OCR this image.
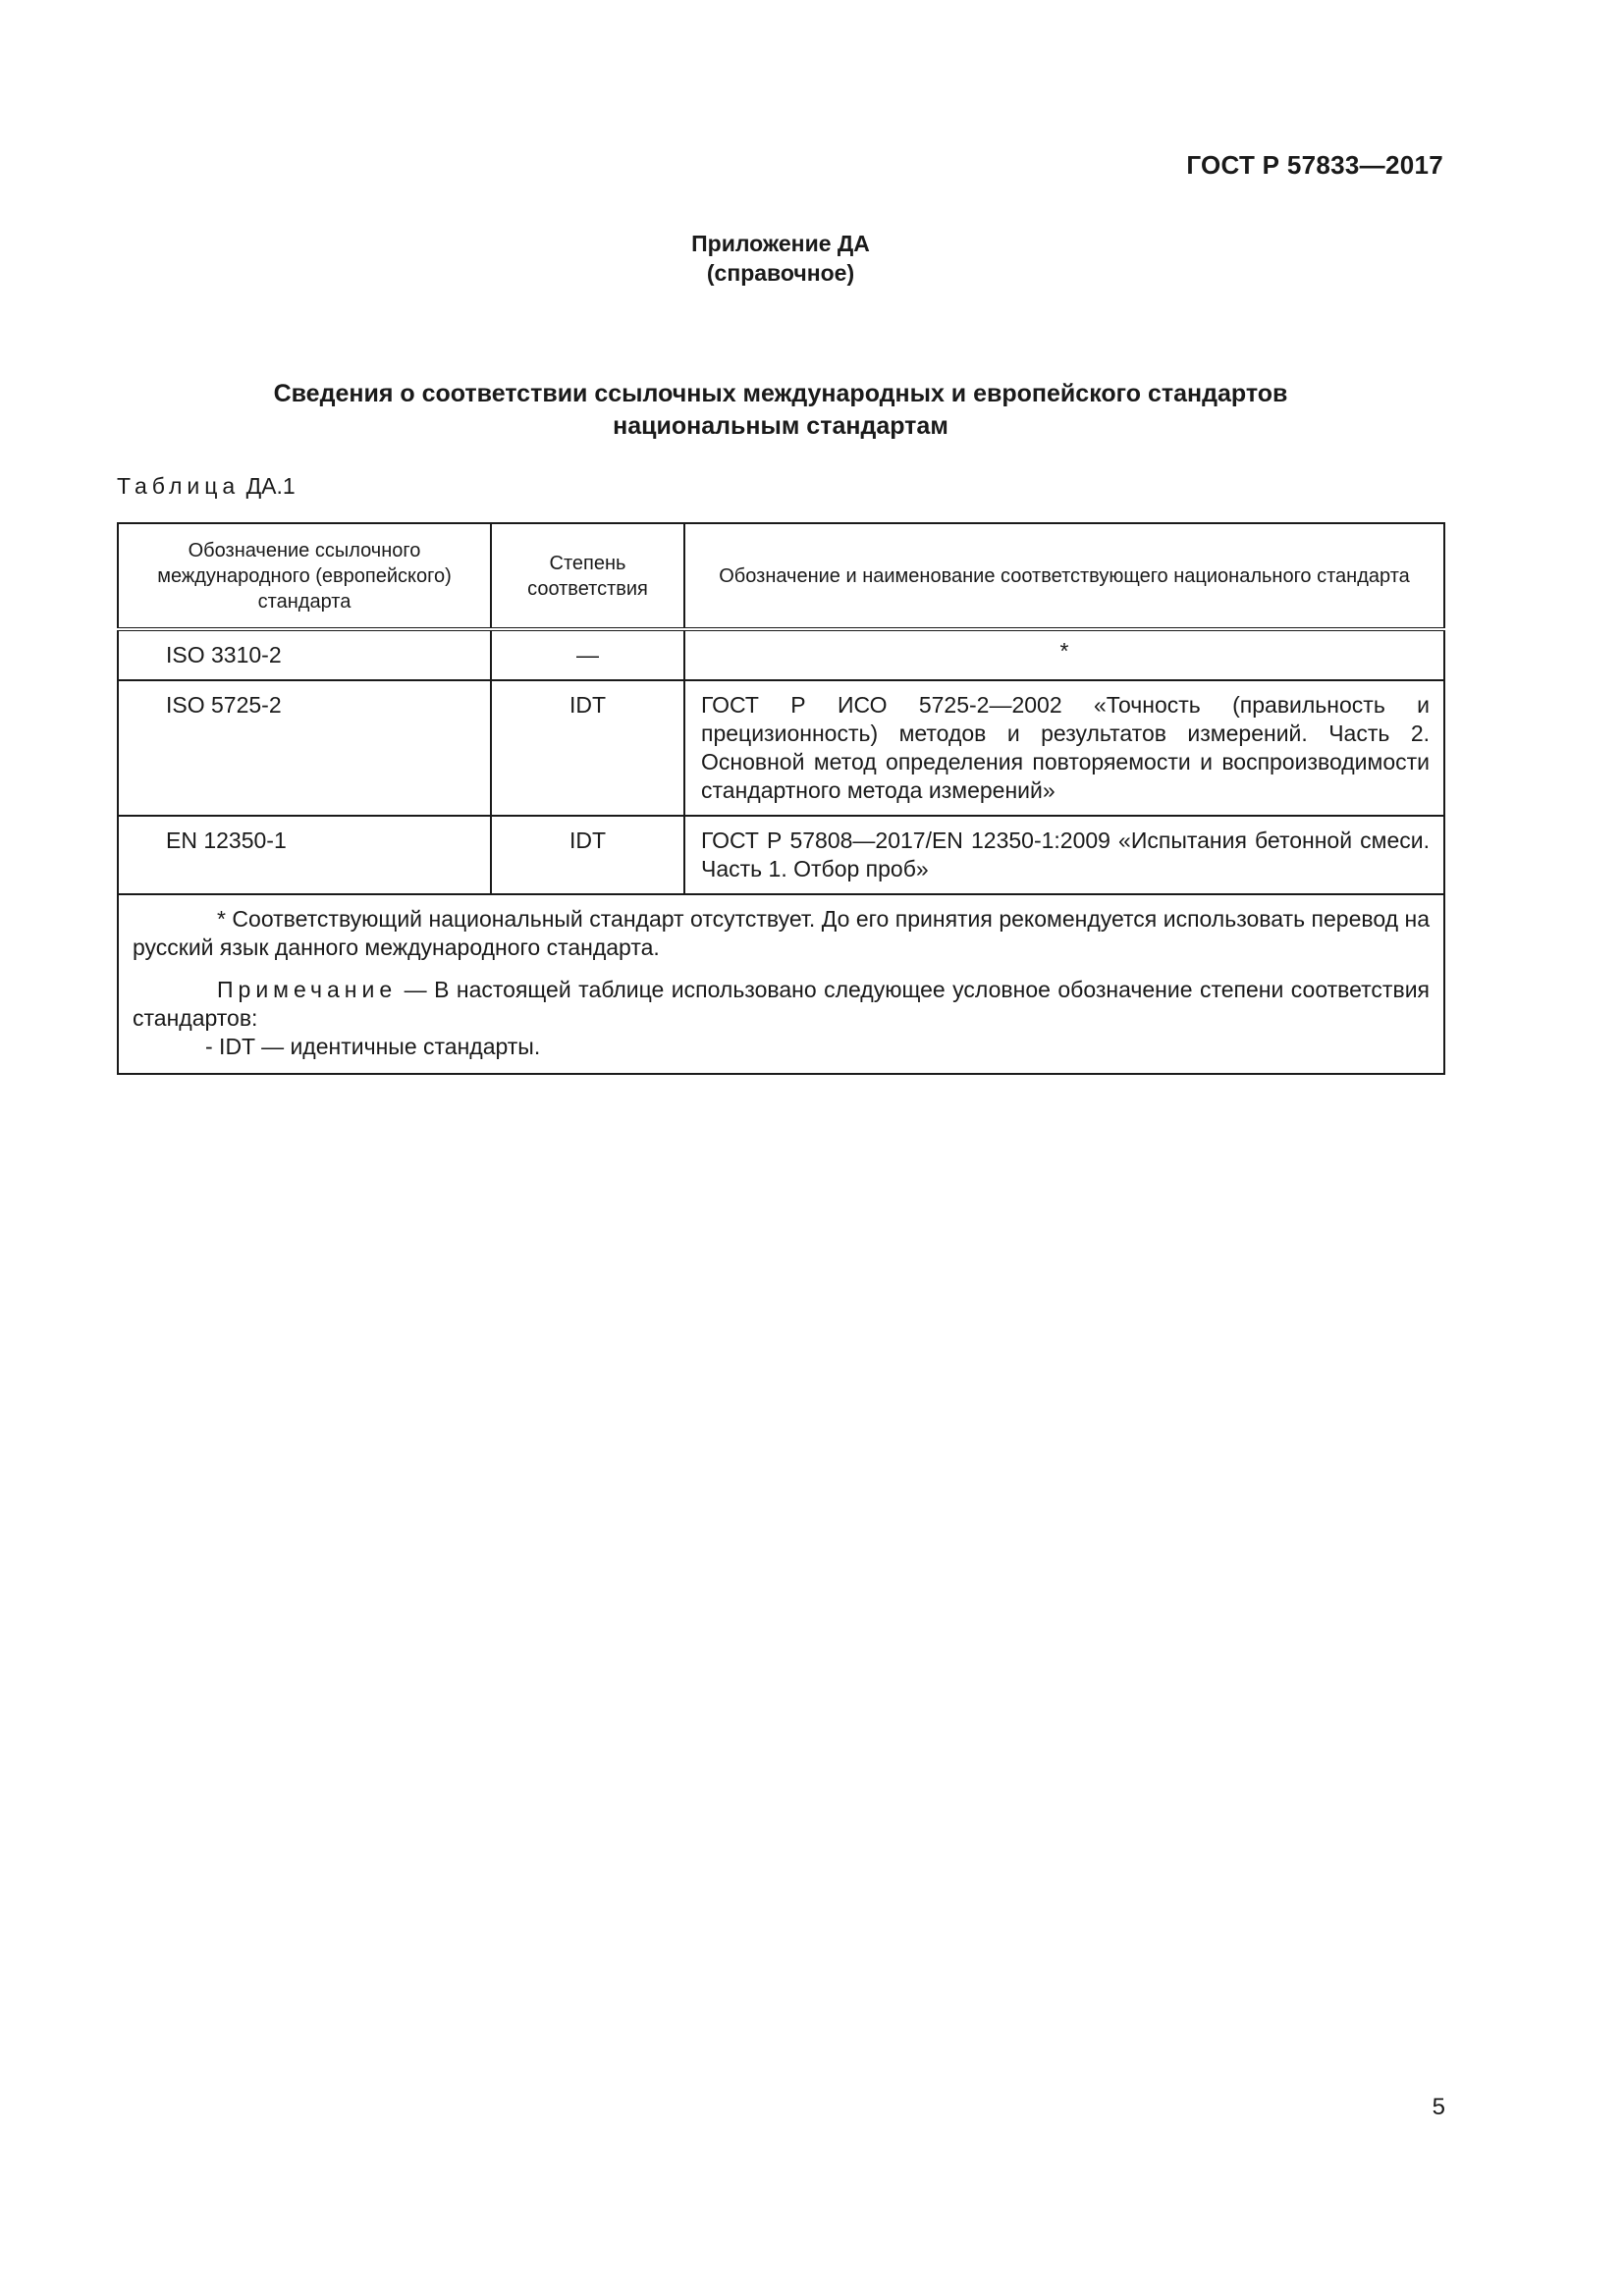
ГОСТ Р 57833—2017
Приложение ДА
(справочное)
Сведения о соответствии ссылочных международных и европейского стандартов
национальным стандартам
Таблица ДА.1
Обозначение ссылочного международного (европейского) стандарта	Степень соответствия	Обозначение и наименование соответствующего национального стандарта
ISO 3310-2	—	*
ISO 5725-2	IDT	ГОСТ Р ИСО 5725-2—2002 «Точность (правильность и прецизионность) методов и результатов измерений. Часть 2. Основной метод определения повторяемости и воспроизводимости стандартного метода измерений»
EN 12350-1	IDT	ГОСТ Р 57808—2017/EN 12350-1:2009 «Испытания бетонной смеси. Часть 1. Отбор проб»

* Соответствующий национальный стандарт отсутствует. До его принятия рекомендуется использовать перевод на русский язык данного международного стандарта.

Примечание — В настоящей таблице использовано следующее условное обозначение степени соответствия стандартов:

- IDT — идентичные стандарты.		

5
